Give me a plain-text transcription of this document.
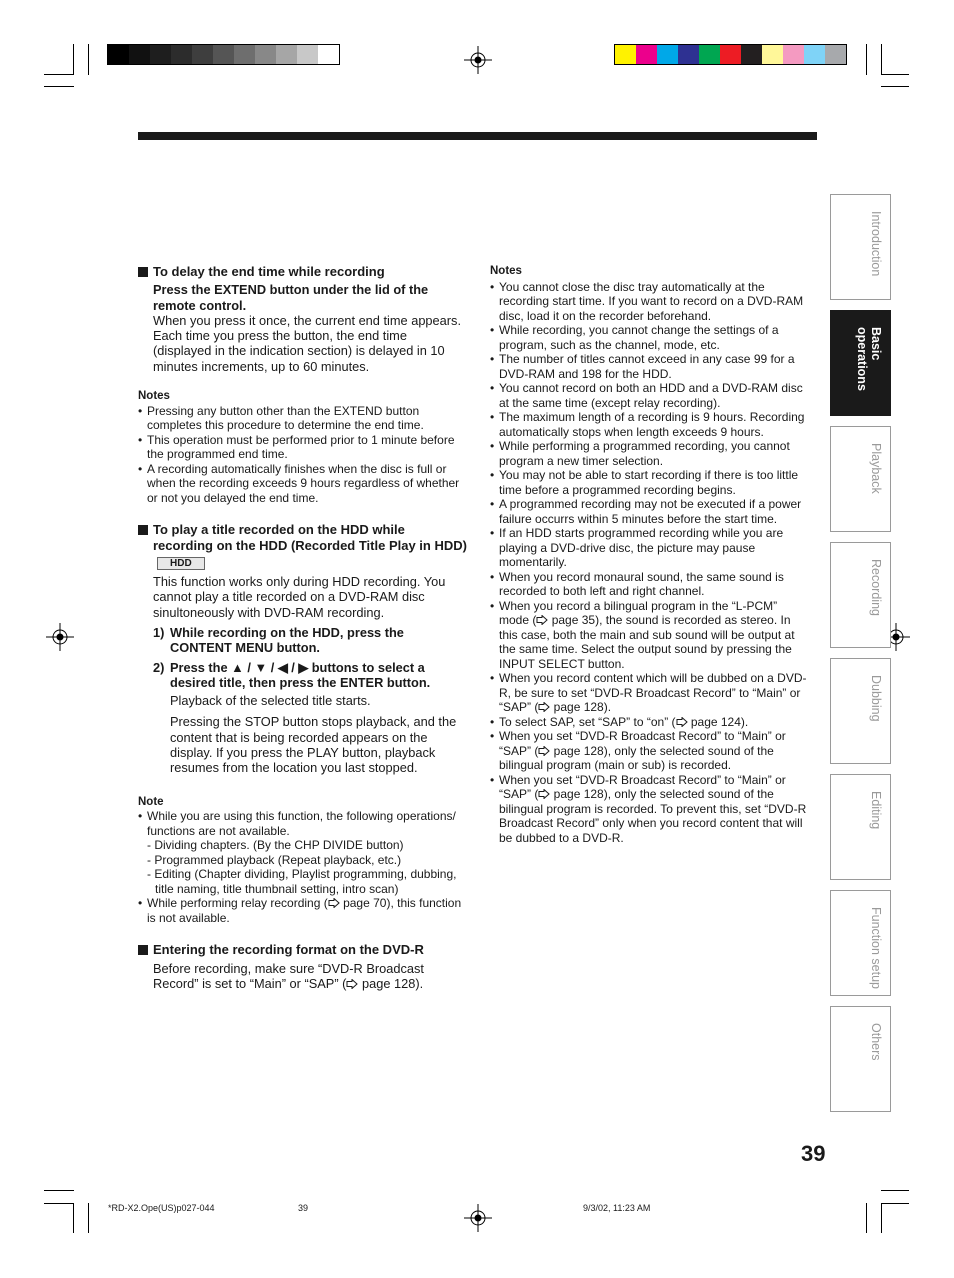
Introduction
Basic operations
Playback
Recording
Dubbing
Editing
Function setup
Others
To delay the end time while recording
Press the EXTEND button under the lid of the remote control.
When you press it once, the current end time appears. Each time you press the button, the end time (displayed in the indication section) is delayed in 10 minutes increments, up to 60 minutes.
Notes
• Pressing any button other than the EXTEND button completes this procedure to determine the end time.
• This operation must be performed prior to 1 minute before the programmed end time.
• A recording automatically finishes when the disc is full or when the recording exceeds 9 hours regardless of whether or not you delayed the end time.
To play a title recorded on the HDD while recording on the HDD (Recorded Title Play in HDD)HDD
This function works only during HDD recording. You cannot play a title recorded on a DVD-RAM disc sinultoneously with DVD-RAM recording.
1) While recording on the HDD, press the CONTENT MENU button.
2) Press the ▲ / ▼ / ◀ / ▶ buttons to select a desired title, then press the ENTER button.
Playback of the selected title starts.
Pressing the STOP button stops playback, and the content that is being recorded appears on the display. If you press the PLAY button, playback resumes from the location you last stopped.
Note
• While you are using this function, the following operations/ functions are not available.
- Dividing chapters. (By the CHP DIVIDE button)
- Programmed playback (Repeat playback, etc.)
- Editing (Chapter dividing, Playlist programming, dubbing, title naming, title thumbnail setting, intro scan)
• While performing relay recording ( page 70), this function is not available.
Entering the recording format on the DVD-R
Before recording, make sure “DVD-R Broadcast Record” is set to “Main” or “SAP” ( page 128).
Notes
• You cannot close the disc tray automatically at the recording start time. If you want to record on a DVD-RAM disc, load it on the recorder beforehand.
• While recording, you cannot change the settings of a program, such as the channel, mode, etc.
• The number of titles cannot exceed in any case 99 for a DVD-RAM and 198 for the HDD.
• You cannot record on both an HDD and a DVD-RAM disc at the same time (except relay recording).
• The maximum length of a recording is 9 hours. Recording automatically stops when length exceeds 9 hours.
• While performing a programmed recording, you cannot program a new timer selection.
• You may not be able to start recording if there is too little time before a programmed recording begins.
• A programmed recording may not be executed if a power failure occurrs within 5 minutes before the start time.
• If an HDD starts programmed recording while you are playing a DVD-drive disc, the picture may pause momentarily.
• When you record monaural sound, the same sound is recorded to both left and right channel.
• When you record a bilingual program in the “L-PCM” mode ( page 35), the sound is recorded as stereo. In this case, both the main and sub sound will be output at the same time. Select the output sound by pressing the INPUT SELECT button.
• When you record content which will be dubbed on a DVD-R, be sure to set “DVD-R Broadcast Record” to “Main” or “SAP” ( page 128).
• To select SAP, set “SAP” to “on” ( page 124).
• When you set “DVD-R Broadcast Record” to “Main” or “SAP” ( page 128), only the selected sound of the bilingual program (main or sub) is recorded.
• When you set “DVD-R Broadcast Record” to “Main” or “SAP” ( page 128), only the selected sound of the bilingual program is recorded. To prevent this, set “DVD-R Broadcast Record” only when you record content that will be dubbed to a DVD-R.
39
*RD-X2.Ope(US)p027-044	39	9/3/02, 11:23 AM
